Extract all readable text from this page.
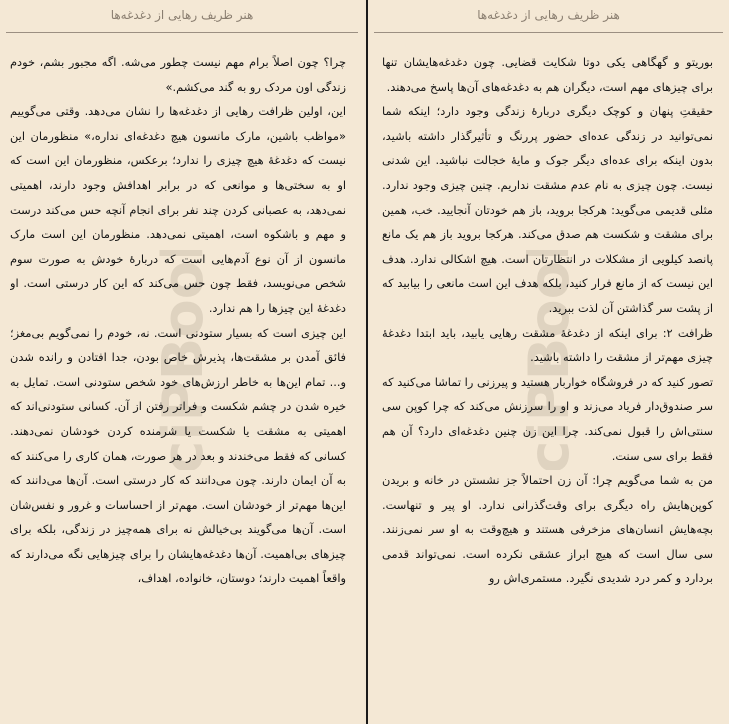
هنر ظریف رهایی از دغدغه‌ها
@ciPBooks

چرا؟ چون اصلاً برام مهم نیست چطور می‌شه. اگه مجبور بشم، خودم زندگی اون مردک رو به گند می‌کشم.»

این، اولین ظرافت رهایی از دغدغه‌ها را نشان می‌دهد. وقتی می‌گوییم «مواظب باشین، مارک مانسون هیچ دغدغه‌ای نداره،» منظورمان این نیست که دغدغهٔ هیچ چیزی را ندارد؛ برعکس، منظورمان این است که او به سختی‌ها و موانعی که در برابر اهدافش وجود دارند، اهمیتی نمی‌دهد، به عصبانی کردن چند نفر برای انجام آنچه حس می‌کند درست و مهم و باشکوه است، اهمیتی نمی‌دهد. منظورمان این است مارک مانسون از آن نوع آدم‌هایی است که دربارهٔ خودش به صورت سوم شخص می‌نویسد، فقط چون حس می‌کند که این کار درستی است. او دغدغهٔ این چیزها را هم ندارد.

این چیزی است که بسیار ستودنی است. نه، خودم را نمی‌گویم بی‌مغز؛ فائق آمدن بر مشقت‌ها، پذیرش خاص بودن، جدا افتادن و رانده شدن و... تمام این‌ها به خاطر ارزش‌های خود شخص ستودنی است. تمایل به خیره شدن در چشم شکست و فراتر رفتن از آن. کسانی ستودنی‌اند که اهمیتی به مشقت یا شکست یا شرمنده کردن خودشان نمی‌دهند. کسانی که فقط می‌خندند و بعد در هر صورت، همان کاری را می‌کنند که به آن ایمان دارند. چون می‌دانند که کار درستی است. آن‌ها می‌دانند که این‌ها مهم‌تر از خودشان است. مهم‌تر از احساسات و غرور و نفس‌شان است. آن‌ها می‌گویند بی‌خیالش نه برای همه‌چیز در زندگی، بلکه برای چیزهای بی‌اهمیت. آن‌ها دغدغه‌هایشان را برای چیزهایی نگه می‌دارند که واقعاً اهمیت دارند؛ دوستان، خانواده، اهداف،

هنر ظریف رهایی از دغدغه‌ها
@ciPBooks

بوریتو و گهگاهی یکی دوتا شکایت قضایی. چون دغدغه‌هایشان تنها برای چیزهای مهم است، دیگران هم به دغدغه‌های آن‌ها پاسخ می‌دهند.

حقیقتِ پنهان و کوچک دیگری دربارهٔ زندگی وجود دارد؛ اینکه شما نمی‌توانید در زندگی عده‌ای حضور پررنگ و تأثیرگذار داشته باشید، بدون اینکه برای عده‌ای دیگر جوک و مایهٔ خجالت نباشید. این شدنی نیست. چون چیزی به نام عدم مشقت نداریم. چنین چیزی وجود ندارد. مثلی قدیمی می‌گوید: هرکجا بروید، باز هم خودتان آنجایید. خب، همین برای مشقت و شکست هم صدق می‌کند. هرکجا بروید باز هم یک مانع پانصد کیلویی از مشکلات در انتظارتان است. هیچ اشکالی ندارد. هدف این نیست که از مانع فرار کنید، بلکه هدف این است مانعی را بیابید که از پشت سر گذاشتن آن لذت ببرید.

ظرافت ۲: برای اینکه از دغدغهٔ مشقت رهایی یابید، باید ابتدا دغدغهٔ چیزی مهم‌تر از مشقت را داشته باشید.

تصور کنید که در فروشگاه خواربار هستید و پیرزنی را تماشا می‌کنید که سر صندوق‌دار فریاد می‌زند و او را سرزنش می‌کند که چرا کوپن سی سنتی‌اش را قبول نمی‌کند. چرا این زن چنین دغدغه‌ای دارد؟ آن هم فقط برای سی سنت.

من به شما می‌گویم چرا: آن زن احتمالاً جز نشستن در خانه و بریدن کوپن‌هایش راه دیگری برای وقت‌گذرانی ندارد. او پیر و تنهاست. بچه‌هایش انسان‌های مزخرفی هستند و هیچ‌وقت به او سر نمی‌زنند. سی سال است که هیچ ابراز عشقی نکرده است. نمی‌تواند قدمی بردارد و کمر درد شدیدی نگیرد. مستمری‌اش رو
